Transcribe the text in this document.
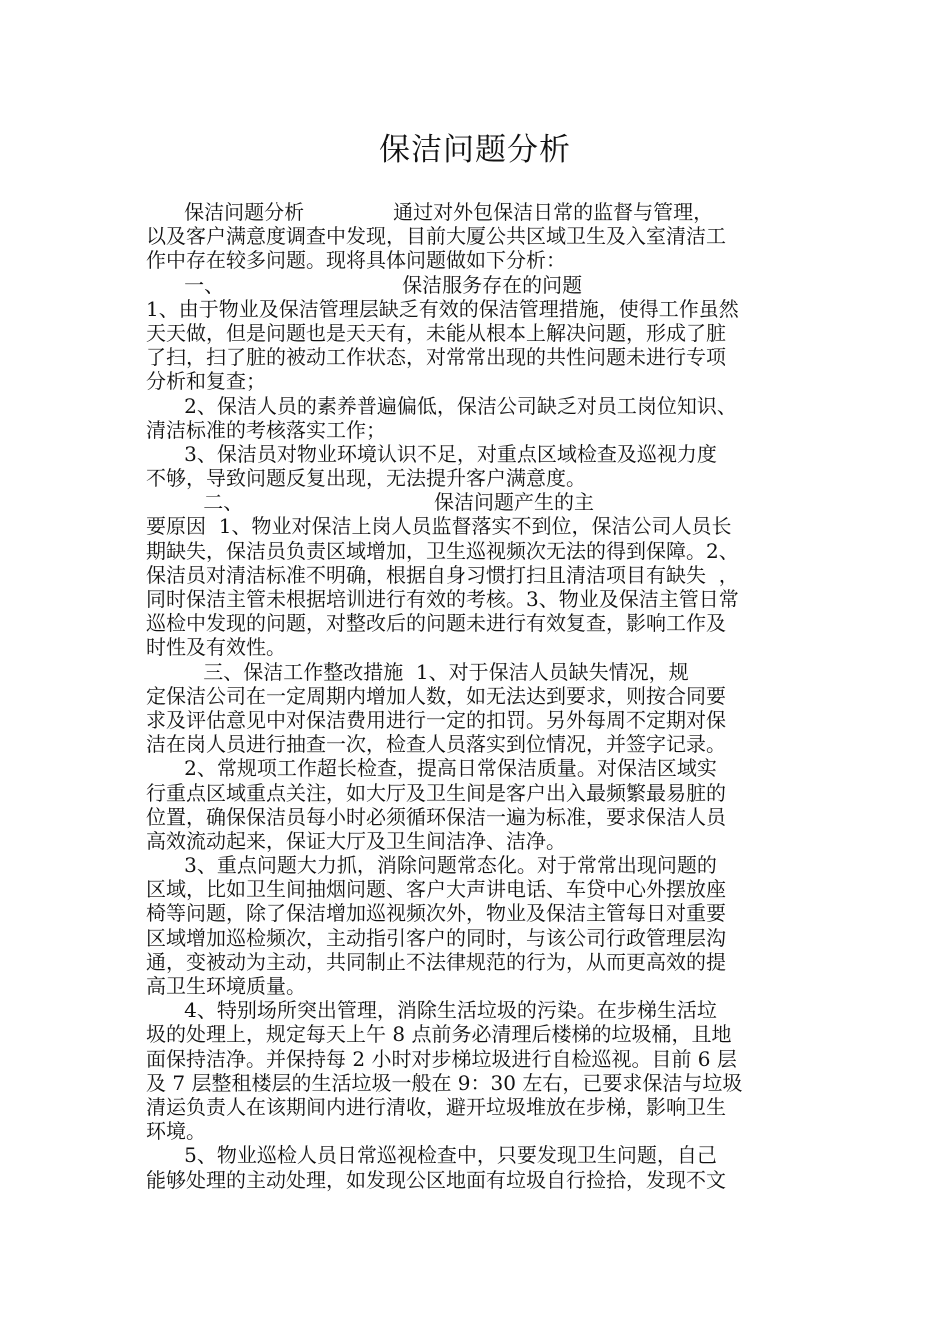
保洁问题分析
保洁问题分析              通过对外包保洁日常的监督与管理，
以及客户满意度调查中发现，目前大厦公共区域卫生及入室清洁工
作中存在较多问题。现将具体问题做如下分析：
一、                            保洁服务存在的问题
1、由于物业及保洁管理层缺乏有效的保洁管理措施，使得工作虽然
天天做，但是问题也是天天有，未能从根本上解决问题，形成了脏
了扫，扫了脏的被动工作状态，对常常出现的共性问题未进行专项
分析和复查；
2、保洁人员的素养普遍偏低，保洁公司缺乏对员工岗位知识、
清洁标准的考核落实工作；
3、保洁员对物业环境认识不足，对重点区域检查及巡视力度
不够，导致问题反复出现，无法提升客户满意度。
二、                              保洁问题产生的主
要原因  1、物业对保洁上岗人员监督落实不到位，保洁公司人员长
期缺失，保洁员负责区域增加，卫生巡视频次无法的得到保障。2、
保洁员对清洁标准不明确，根据自身习惯打扫且清洁项目有缺失  ，
同时保洁主管未根据培训进行有效的考核。3、物业及保洁主管日常
巡检中发现的问题，对整改后的问题未进行有效复查，影响工作及
时性及有效性。
三、保洁工作整改措施  1、对于保洁人员缺失情况，规
定保洁公司在一定周期内增加人数，如无法达到要求，则按合同要
求及评估意见中对保洁费用进行一定的扣罚。另外每周不定期对保
洁在岗人员进行抽查一次，检查人员落实到位情况，并签字记录。
2、常规项工作超长检查，提高日常保洁质量。对保洁区域实
行重点区域重点关注，如大厅及卫生间是客户出入最频繁最易脏的
位置，确保保洁员每小时必须循环保洁一遍为标准，要求保洁人员
高效流动起来，保证大厅及卫生间洁净、洁净。
3、重点问题大力抓，消除问题常态化。对于常常出现问题的
区域，比如卫生间抽烟问题、客户大声讲电话、车贷中心外摆放座
椅等问题，除了保洁增加巡视频次外，物业及保洁主管每日对重要
区域增加巡检频次，主动指引客户的同时，与该公司行政管理层沟
通，变被动为主动，共同制止不法律规范的行为，从而更高效的提
高卫生环境质量。
4、特别场所突出管理，消除生活垃圾的污染。在步梯生活垃
圾的处理上，规定每天上午 8 点前务必清理后楼梯的垃圾桶，且地
面保持洁净。并保持每 2 小时对步梯垃圾进行自检巡视。目前 6 层
及 7 层整租楼层的生活垃圾一般在 9：30 左右，已要求保洁与垃圾
清运负责人在该期间内进行清收，避开垃圾堆放在步梯，影响卫生
环境。
5、物业巡检人员日常巡视检查中，只要发现卫生问题，自己
能够处理的主动处理，如发现公区地面有垃圾自行捡拾，发现不文
